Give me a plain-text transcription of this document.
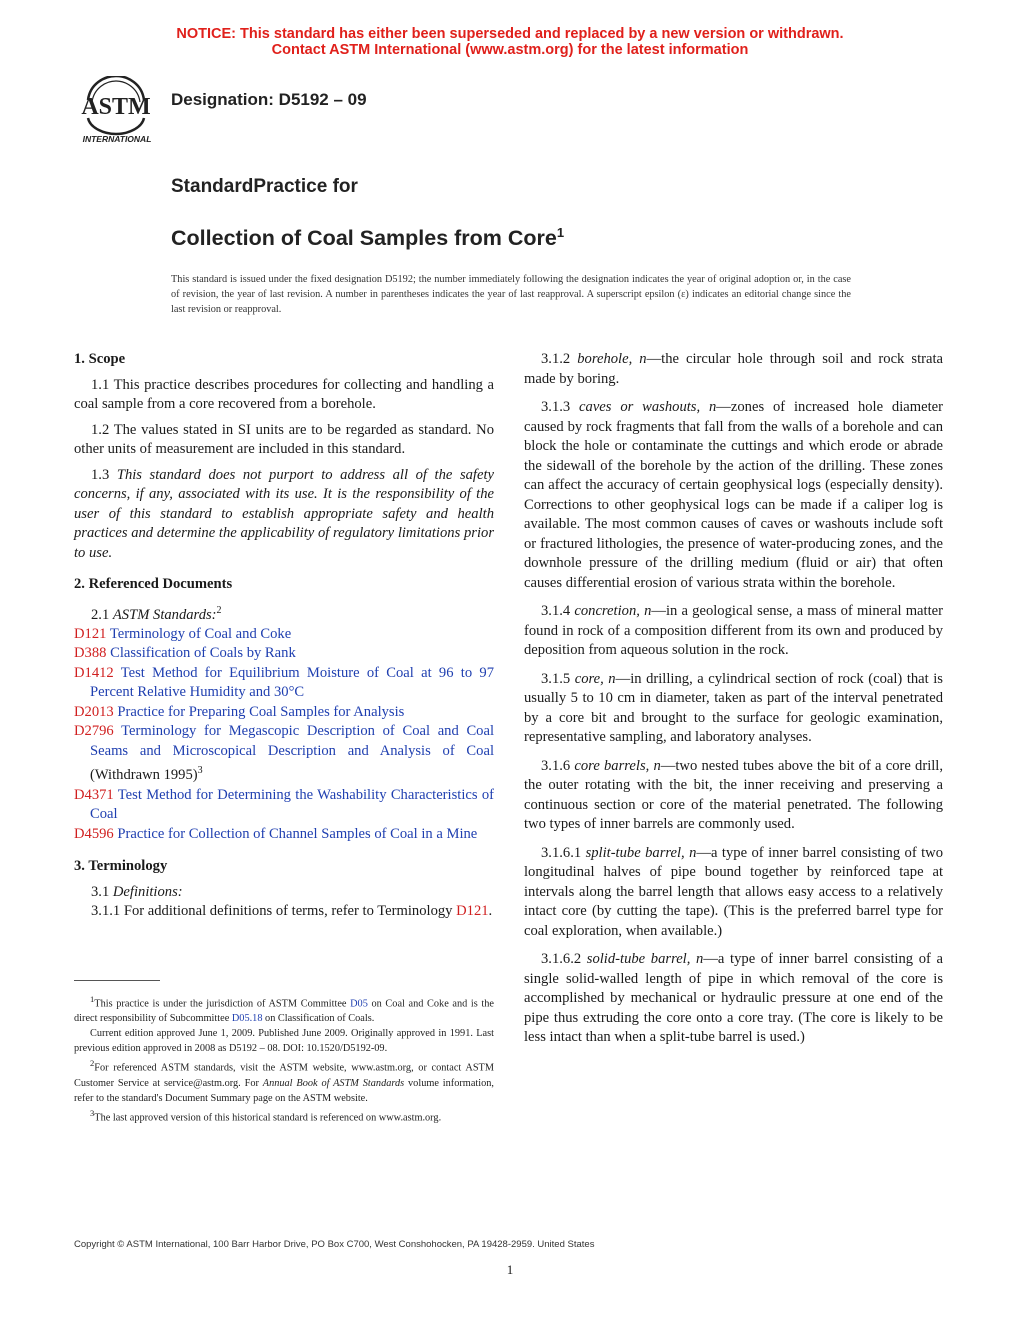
NOTICE: This standard has either been superseded and replaced by a new version or withdrawn.
Contact ASTM International (www.astm.org) for the latest information
ASTM
INTERNATIONAL
Designation: D5192 – 09
StandardPractice for
Collection of Coal Samples from Core$^1$
This standard is issued under the fixed designation D5192; the number immediately following the designation indicates the year of original adoption or, in the case of revision, the year of last revision. A number in parentheses indicates the year of last reapproval. A superscript epsilon (ε) indicates an editorial change since the last revision or reapproval.
1. Scope

1.1 This practice describes procedures for collecting and handling a coal sample from a core recovered from a borehole.

1.2 The values stated in SI units are to be regarded as standard. No other units of measurement are included in this standard.

1.3 This standard does not purport to address all of the safety concerns, if any, associated with its use. It is the responsibility of the user of this standard to establish appropriate safety and health practices and determine the applicability of regulatory limitations prior to use.

2. Referenced Documents

2.1 ASTM Standards:$^2$

D121 Terminology of Coal and Coke

D388 Classification of Coals by Rank

D1412 Test Method for Equilibrium Moisture of Coal at 96 to 97 Percent Relative Humidity and 30°C

D2013 Practice for Preparing Coal Samples for Analysis

D2796 Terminology for Megascopic Description of Coal and Coal Seams and Microscopical Description and Analysis of Coal (Withdrawn 1995)$^3$

D4371 Test Method for Determining the Washability Characteristics of Coal

D4596 Practice for Collection of Channel Samples of Coal in a Mine

3. Terminology

3.1 Definitions:

3.1.1 For additional definitions of terms, refer to Terminology D121.

$^1$This practice is under the jurisdiction of ASTM Committee D05 on Coal and Coke and is the direct responsibility of Subcommittee D05.18 on Classification of Coals.

Current edition approved June 1, 2009. Published June 2009. Originally approved in 1991. Last previous edition approved in 2008 as D5192 – 08. DOI: 10.1520/D5192-09.

$^2$For referenced ASTM standards, visit the ASTM website, www.astm.org, or contact ASTM Customer Service at service@astm.org. For Annual Book of ASTM Standards volume information, refer to the standard's Document Summary page on the ASTM website.

$^3$The last approved version of this historical standard is referenced on www.astm.org.

3.1.2 borehole, n—the circular hole through soil and rock strata made by boring.

3.1.3 caves or washouts, n—zones of increased hole diameter caused by rock fragments that fall from the walls of a borehole and can block the hole or contaminate the cuttings and which erode or abrade the sidewall of the borehole by the action of the drilling. These zones can affect the accuracy of certain geophysical logs (especially density). Corrections to other geophysical logs can be made if a caliper log is available. The most common causes of caves or washouts include soft or fractured lithologies, the presence of water-producing zones, and the downhole pressure of the drilling medium (fluid or air) that often causes differential erosion of various strata within the borehole.

3.1.4 concretion, n—in a geological sense, a mass of mineral matter found in rock of a composition different from its own and produced by deposition from aqueous solution in the rock.

3.1.5 core, n—in drilling, a cylindrical section of rock (coal) that is usually 5 to 10 cm in diameter, taken as part of the interval penetrated by a core bit and brought to the surface for geologic examination, representative sampling, and laboratory analyses.

3.1.6 core barrels, n—two nested tubes above the bit of a core drill, the outer rotating with the bit, the inner receiving and preserving a continuous section or core of the material penetrated. The following two types of inner barrels are commonly used.

3.1.6.1 split-tube barrel, n—a type of inner barrel consisting of two longitudinal halves of pipe bound together by reinforced tape at intervals along the barrel length that allows easy access to a relatively intact core (by cutting the tape). (This is the preferred barrel type for coal exploration, when available.)

3.1.6.2 solid-tube barrel, n—a type of inner barrel consisting of a single solid-walled length of pipe in which removal of the core is accomplished by mechanical or hydraulic pressure at one end of the pipe thus extruding the core onto a core tray. (The core is likely to be less intact than when a split-tube barrel is used.)

Copyright © ASTM International, 100 Barr Harbor Drive, PO Box C700, West Conshohocken, PA 19428-2959. United States
1
